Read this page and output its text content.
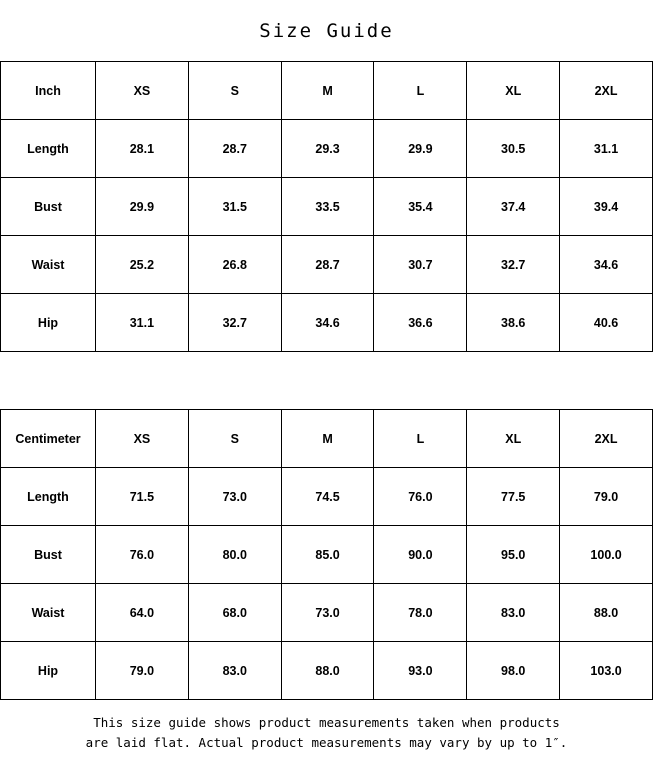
Size Guide
Inch	XS	S	M	L	XL	2XL
Length	28.1	28.7	29.3	29.9	30.5	31.1
Bust	29.9	31.5	33.5	35.4	37.4	39.4
Waist	25.2	26.8	28.7	30.7	32.7	34.6
Hip	31.1	32.7	34.6	36.6	38.6	40.6
Centimeter	XS	S	M	L	XL	2XL
Length	71.5	73.0	74.5	76.0	77.5	79.0
Bust	76.0	80.0	85.0	90.0	95.0	100.0
Waist	64.0	68.0	73.0	78.0	83.0	88.0
Hip	79.0	83.0	88.0	93.0	98.0	103.0
This size guide shows product measurements taken when products
are laid flat. Actual product measurements may vary by up to 1″.
